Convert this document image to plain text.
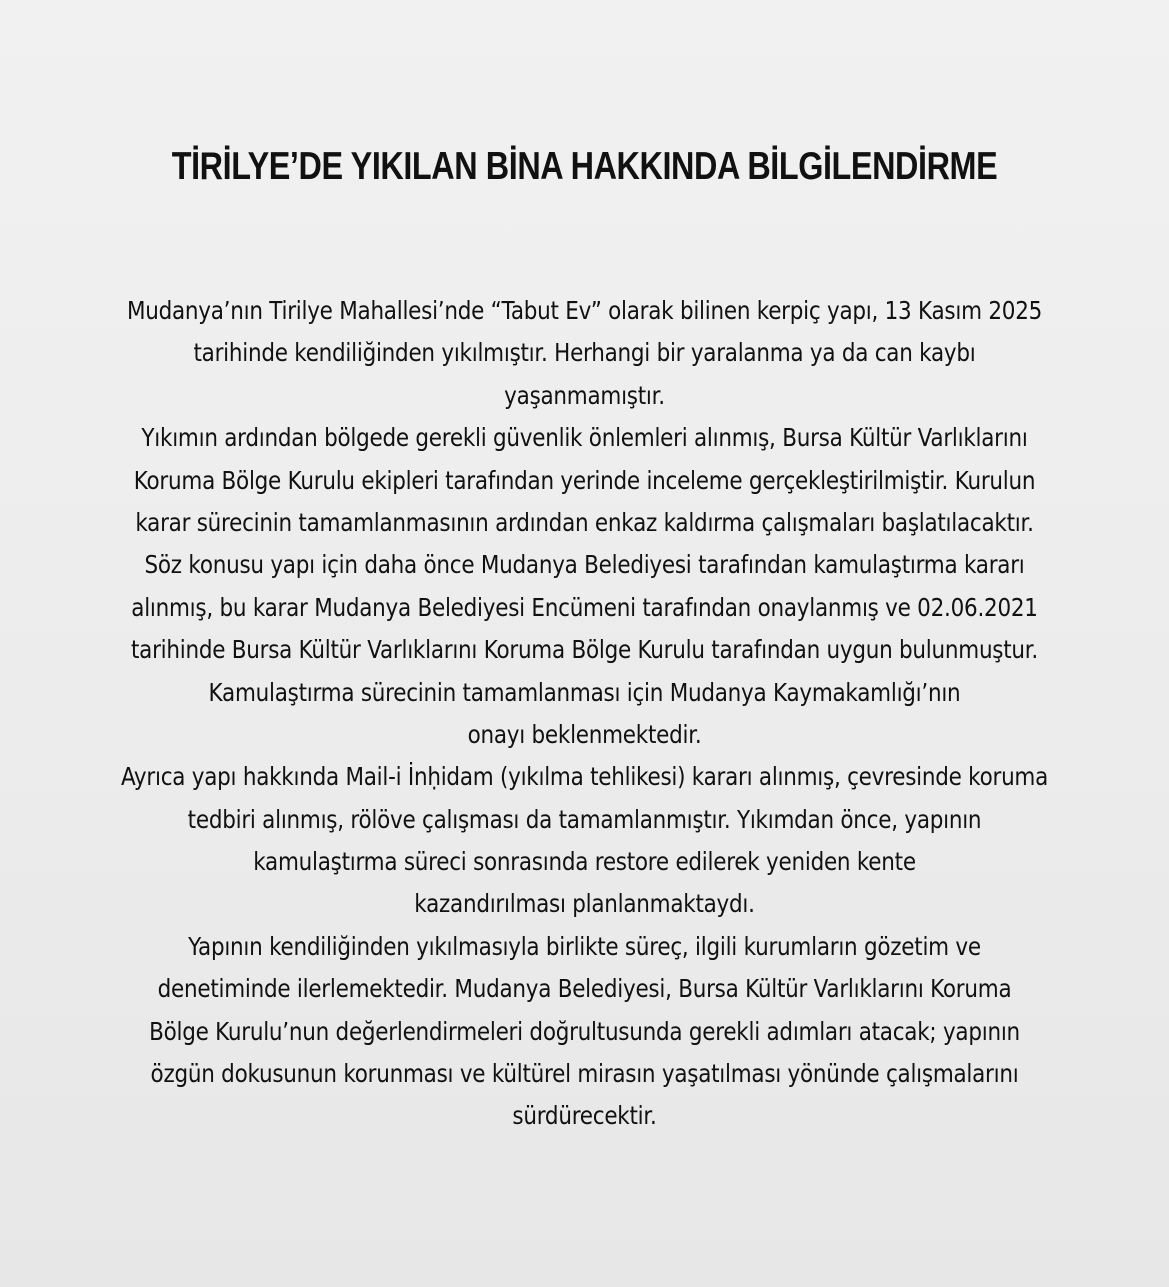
TİRİLYE’DE YIKILAN BİNA HAKKINDA BİLGİLENDİRME
Mudanya’nın Tirilye Mahallesi’nde “Tabut Ev” olarak bilinen kerpiç yapı, 13 Kasım 2025
tarihinde kendiliğinden yıkılmıştır. Herhangi bir yaralanma ya da can kaybı
yaşanmamıştır.
Yıkımın ardından bölgede gerekli güvenlik önlemleri alınmış, Bursa Kültür Varlıklarını
Koruma Bölge Kurulu ekipleri tarafından yerinde inceleme gerçekleştirilmiştir. Kurulun
karar sürecinin tamamlanmasının ardından enkaz kaldırma çalışmaları başlatılacaktır.
Söz konusu yapı için daha önce Mudanya Belediyesi tarafından kamulaştırma kararı
alınmış, bu karar Mudanya Belediyesi Encümeni tarafından onaylanmış ve 02.06.2021
tarihinde Bursa Kültür Varlıklarını Koruma Bölge Kurulu tarafından uygun bulunmuştur.
Kamulaştırma sürecinin tamamlanması için Mudanya Kaymakamlığı’nın
onayı beklenmektedir.
Ayrıca yapı hakkında Mail-i İnḥidam (yıkılma tehlikesi) kararı alınmış, çevresinde koruma
tedbiri alınmış, rölöve çalışması da tamamlanmıştır. Yıkımdan önce, yapının
kamulaştırma süreci sonrasında restore edilerek yeniden kente
kazandırılması planlanmaktaydı.
Yapının kendiliğinden yıkılmasıyla birlikte süreç, ilgili kurumların gözetim ve
denetiminde ilerlemektedir. Mudanya Belediyesi, Bursa Kültür Varlıklarını Koruma
Bölge Kurulu’nun değerlendirmeleri doğrultusunda gerekli adımları atacak; yapının
özgün dokusunun korunması ve kültürel mirasın yaşatılması yönünde çalışmalarını
sürdürecektir.
